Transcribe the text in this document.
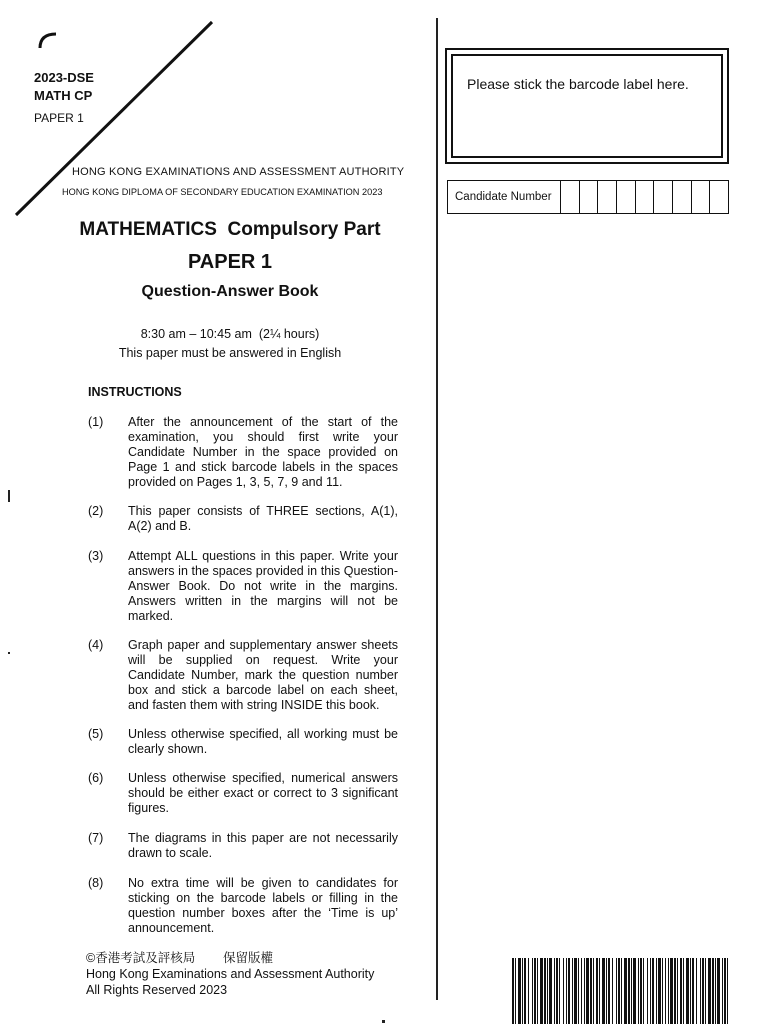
2023-DSE
MATH CP
PAPER 1
HONG KONG EXAMINATIONS AND ASSESSMENT AUTHORITY
HONG KONG DIPLOMA OF SECONDARY EDUCATION EXAMINATION 2023
MATHEMATICS  Compulsory Part
PAPER 1
Question-Answer Book
8:30 am – 10:45 am  (2¼ hours)
This paper must be answered in English
INSTRUCTIONS
(1) After the announcement of the start of the examination, you should first write your Candidate Number in the space provided on Page 1 and stick barcode labels in the spaces provided on Pages 1, 3, 5, 7, 9 and 11.
(2) This paper consists of THREE sections, A(1), A(2) and B.
(3) Attempt ALL questions in this paper. Write your answers in the spaces provided in this Question-Answer Book. Do not write in the margins. Answers written in the margins will not be marked.
(4) Graph paper and supplementary answer sheets will be supplied on request. Write your Candidate Number, mark the question number box and stick a barcode label on each sheet, and fasten them with string INSIDE this book.
(5) Unless otherwise specified, all working must be clearly shown.
(6) Unless otherwise specified, numerical answers should be either exact or correct to 3 significant figures.
(7) The diagrams in this paper are not necessarily drawn to scale.
(8) No extra time will be given to candidates for sticking on the barcode labels or filling in the question number boxes after the ‘Time is up’ announcement.
©香港考試及評核局        保留版權
Hong Kong Examinations and Assessment Authority
All Rights Reserved 2023
Please stick the barcode label here.
Candidate Number
